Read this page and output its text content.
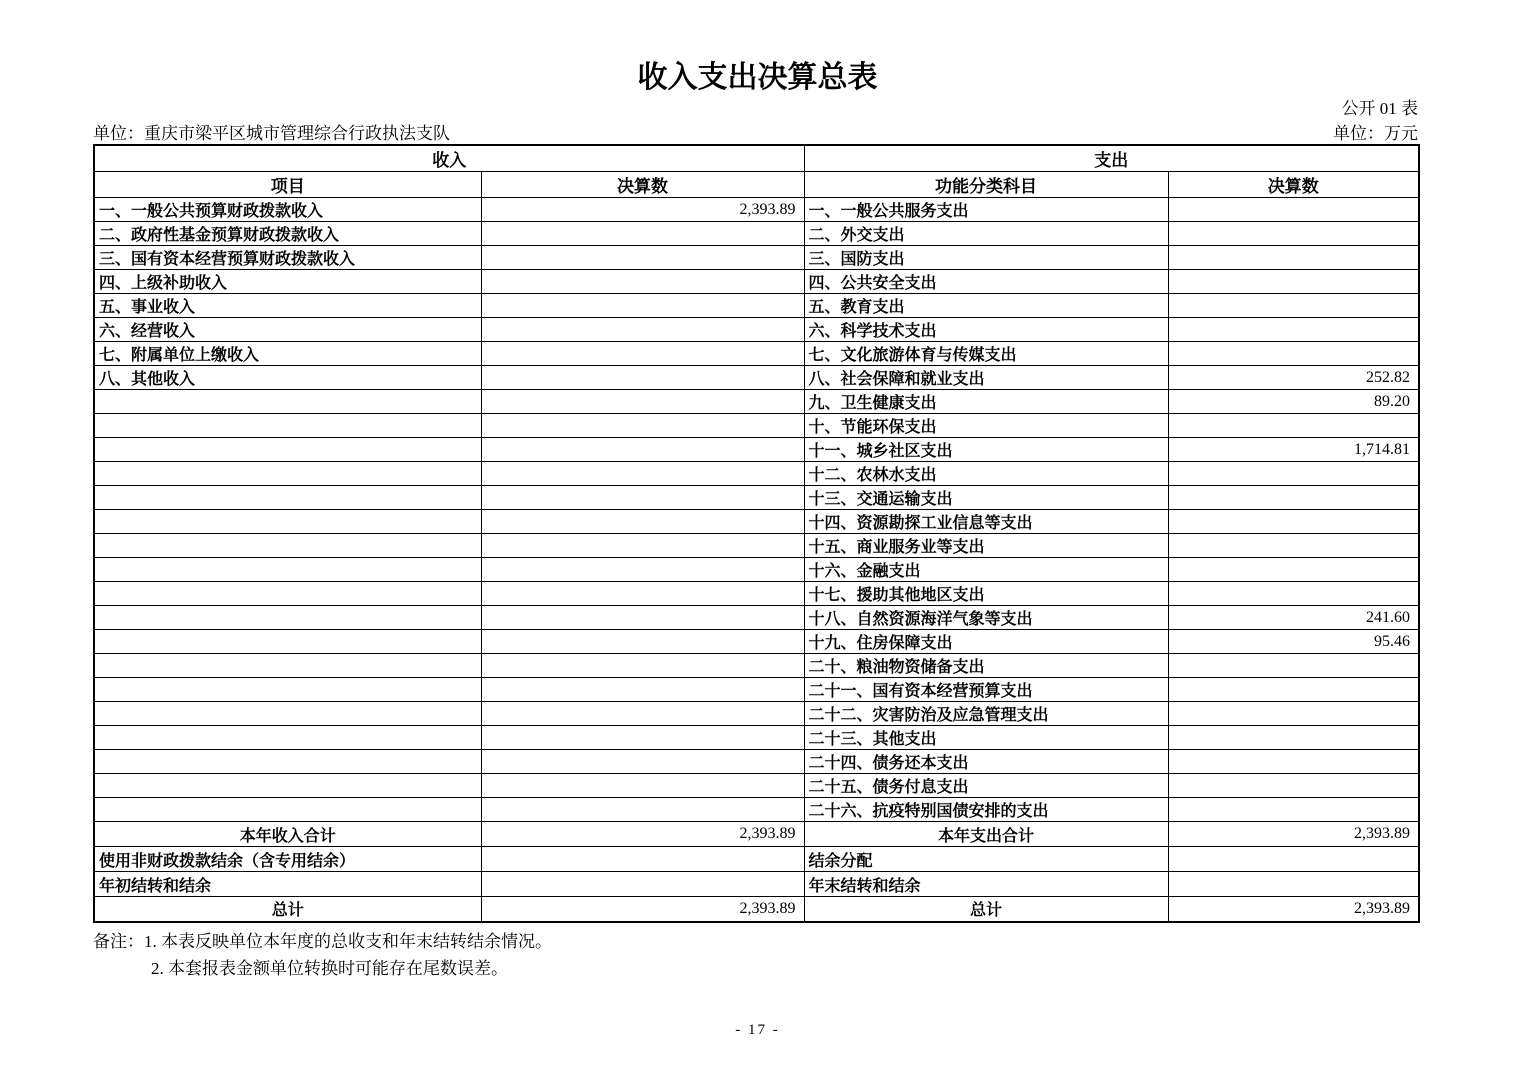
收入支出决算总表
公开 01 表
单位：重庆市梁平区城市管理综合行政执法支队	单位：万元
收入		支出	
项目	决算数	功能分类科目	决算数
一、一般公共预算财政拨款收入	2,393.89	一、一般公共服务支出	
二、政府性基金预算财政拨款收入		二、外交支出	
三、国有资本经营预算财政拨款收入		三、国防支出	
四、上级补助收入		四、公共安全支出	
五、事业收入		五、教育支出	
六、经营收入		六、科学技术支出	
七、附属单位上缴收入		七、文化旅游体育与传媒支出	
八、其他收入		八、社会保障和就业支出	252.82
		九、卫生健康支出	89.20
		十、节能环保支出	
		十一、城乡社区支出	1,714.81
		十二、农林水支出	
		十三、交通运输支出	
		十四、资源勘探工业信息等支出	
		十五、商业服务业等支出	
		十六、金融支出	
		十七、援助其他地区支出	
		十八、自然资源海洋气象等支出	241.60
		十九、住房保障支出	95.46
		二十、粮油物资储备支出	
		二十一、国有资本经营预算支出	
		二十二、灾害防治及应急管理支出	
		二十三、其他支出	
		二十四、债务还本支出	
		二十五、债务付息支出	
		二十六、抗疫特别国债安排的支出	
本年收入合计	2,393.89	本年支出合计	2,393.89
使用非财政拨款结余（含专用结余）		结余分配	
年初结转和结余		年末结转和结余	
总计	2,393.89	总计	2,393.89
备注：1. 本表反映单位本年度的总收支和年末结转结余情况。
2. 本套报表金额单位转换时可能存在尾数误差。
- 17 -
